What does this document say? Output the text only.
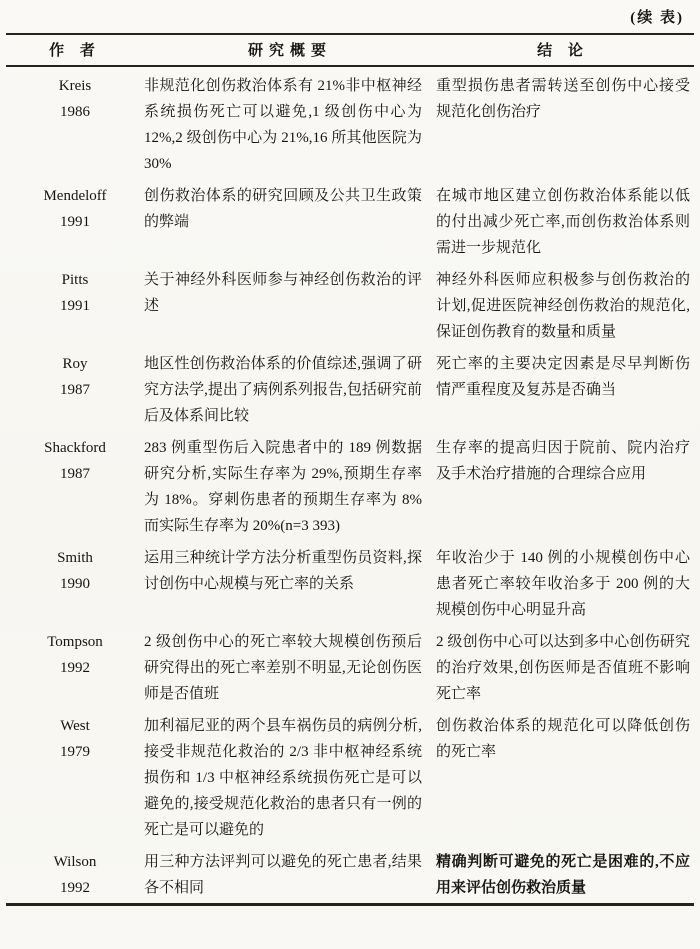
(续 表)
作 者	研究概要	结 论
Kreis
1986
非规范化创伤救治体系有 21%非中枢神经系统损伤死亡可以避免,1 级创伤中心为 12%,2 级创伤中心为 21%,16 所其他医院为 30%
重型损伤患者需转送至创伤中心接受规范化创伤治疗
Mendeloff
1991
创伤救治体系的研究回顾及公共卫生政策的弊端
在城市地区建立创伤救治体系能以低的付出减少死亡率,而创伤救治体系则需进一步规范化
Pitts
1991
关于神经外科医师参与神经创伤救治的评述
神经外科医师应积极参与创伤救治的计划,促进医院神经创伤救治的规范化,保证创伤教育的数量和质量
Roy
1987
地区性创伤救治体系的价值综述,强调了研究方法学,提出了病例系列报告,包括研究前后及体系间比较
死亡率的主要决定因素是尽早判断伤情严重程度及复苏是否确当
Shackford
1987
283 例重型伤后入院患者中的 189 例数据研究分析,实际生存率为 29%,预期生存率为 18%。穿刺伤患者的预期生存率为 8%而实际生存率为 20%(n=3 393)
生存率的提高归因于院前、院内治疗及手术治疗措施的合理综合应用
Smith
1990
运用三种统计学方法分析重型伤员资料,探讨创伤中心规模与死亡率的关系
年收治少于 140 例的小规模创伤中心患者死亡率较年收治多于 200 例的大规模创伤中心明显升高
Tompson
1992
2 级创伤中心的死亡率较大规模创伤预后研究得出的死亡率差别不明显,无论创伤医师是否值班
2 级创伤中心可以达到多中心创伤研究的治疗效果,创伤医师是否值班不影响死亡率
West
1979
加利福尼亚的两个县车祸伤员的病例分析,接受非规范化救治的 2/3 非中枢神经系统损伤和 1/3 中枢神经系统损伤死亡是可以避免的,接受规范化救治的患者只有一例的死亡是可以避免的
创伤救治体系的规范化可以降低创伤的死亡率
Wilson
1992
用三种方法评判可以避免的死亡患者,结果各不相同
精确判断可避免的死亡是困难的,不应用来评估创伤救治质量
